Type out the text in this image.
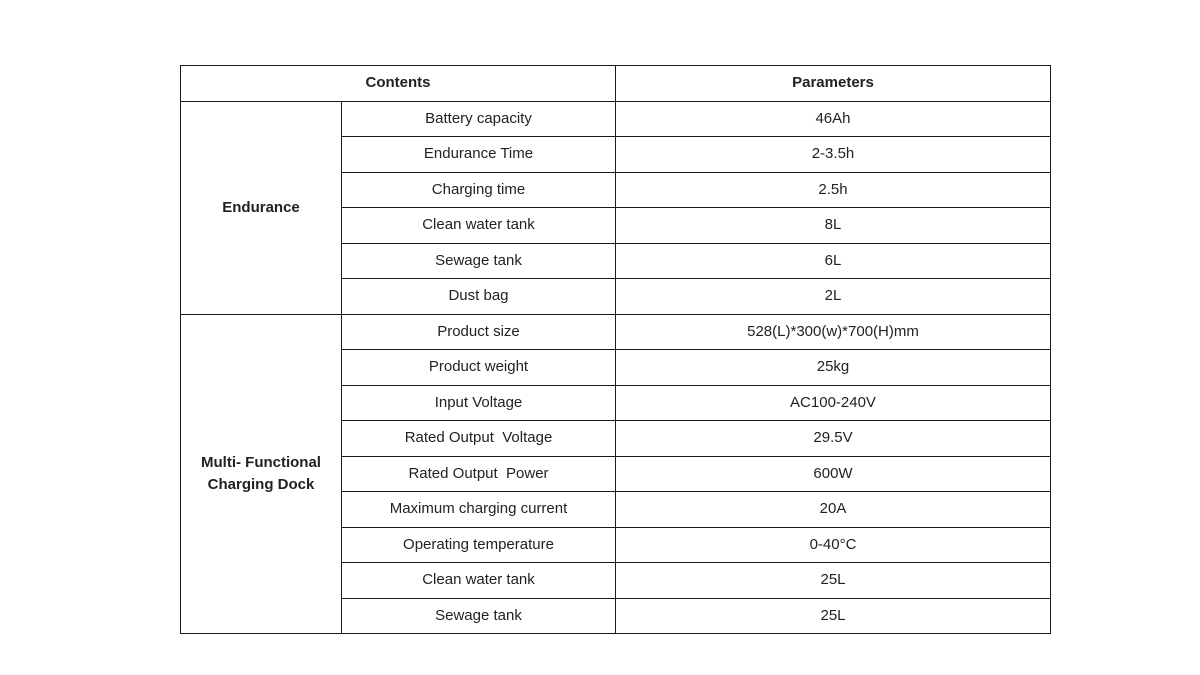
Contents		Parameters
Endurance	Battery capacity	46Ah
	Endurance Time	2-3.5h
	Charging time	2.5h
	Clean water tank	8L
	Sewage tank	6L
	Dust bag	2L
Multi- Functional
Charging Dock	Product size	528(L)*300(w)*700(H)mm
	Product weight	25kg
	Input Voltage	AC100-240V
	Rated Output  Voltage	29.5V
	Rated Output  Power	600W
	Maximum charging current	20A
	Operating temperature	0-40°C
	Clean water tank	25L
	Sewage tank	25L
